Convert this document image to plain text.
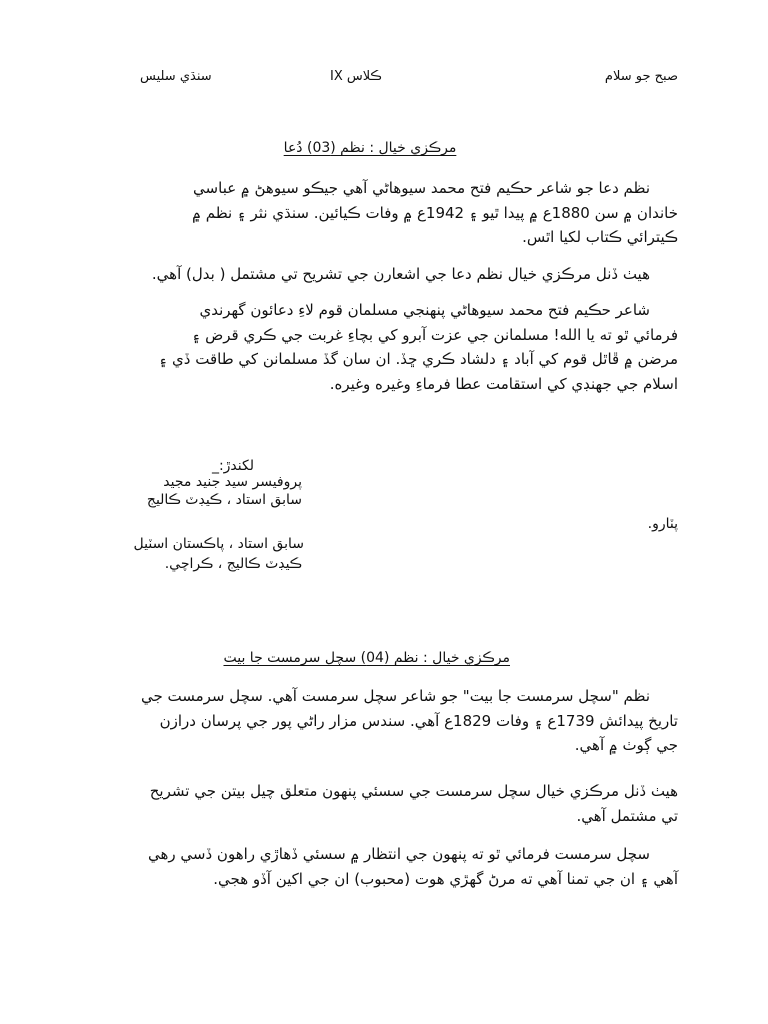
صبح جو سلام
ڪلاس IX
سنڌي سليس
مرڪزي خيال : نظم (03) دُعا
نظم دعا جو شاعر حڪيم فتح محمد سيوهاڻي آهي جيڪو سيوهڻ ۾ عباسي
خاندان ۾ سن 1880ع ۾ پيدا ٿيو ۽ 1942ع ۾ وفات ڪيائين. سنڌي نثر ۽ نظم ۾
ڪيترائي ڪتاب لکيا اٿس.
هيٺ ڏنل مرڪزي خيال نظم دعا جي اشعارن جي تشريح تي مشتمل ( بدل) آهي.
شاعر حڪيم فتح محمد سيوهاڻي پنهنجي مسلمان قوم لاءِ دعائون گهرندي
فرمائي ٿو ته يا الله! مسلمانن جي عزت آبرو کي بچاءِ غربت جي ڪري قرض ۽
مرضن ۾ ڦاٿل قوم کي آباد ۽ دلشاد ڪري ڇڏ. ان سان گڏ مسلمانن کي طاقت ڏي ۽
اسلام جي جهنڊي کي استقامت عطا فرماءِ وغيره وغيره.
لکندڙ:_
پروفيسر سيد جنيد مجيد
سابق استاد ، ڪيڊٽ ڪاليج
سابق استاد ، پاڪستان اسٽيل
ڪيڊٽ ڪاليج ، ڪراچي.
پٽارو.
مرڪزي خيال : نظم (04) سچل سرمست جا بيت
نظم "سچل سرمست جا بيت" جو شاعر سچل سرمست آهي. سچل سرمست جي
تاريخ پيدائش 1739ع ۽ وفات 1829ع آهي. سندس مزار راڻي پور جي پرسان درازن
جي ڳوٺ ۾ آهي.
هيٺ ڏنل مرڪزي خيال سچل سرمست جي سسئي پنهون متعلق چيل بيتن جي تشريح
تي مشتمل آهي.
سچل سرمست فرمائي ٿو ته پنهون جي انتظار ۾ سسئي ڏهاڙي راهون ڏسي رهي
آهي ۽ ان جي تمنا آهي ته مرڻ گهڙي هوت (محبوب) ان جي اکين آڏو هجي.
